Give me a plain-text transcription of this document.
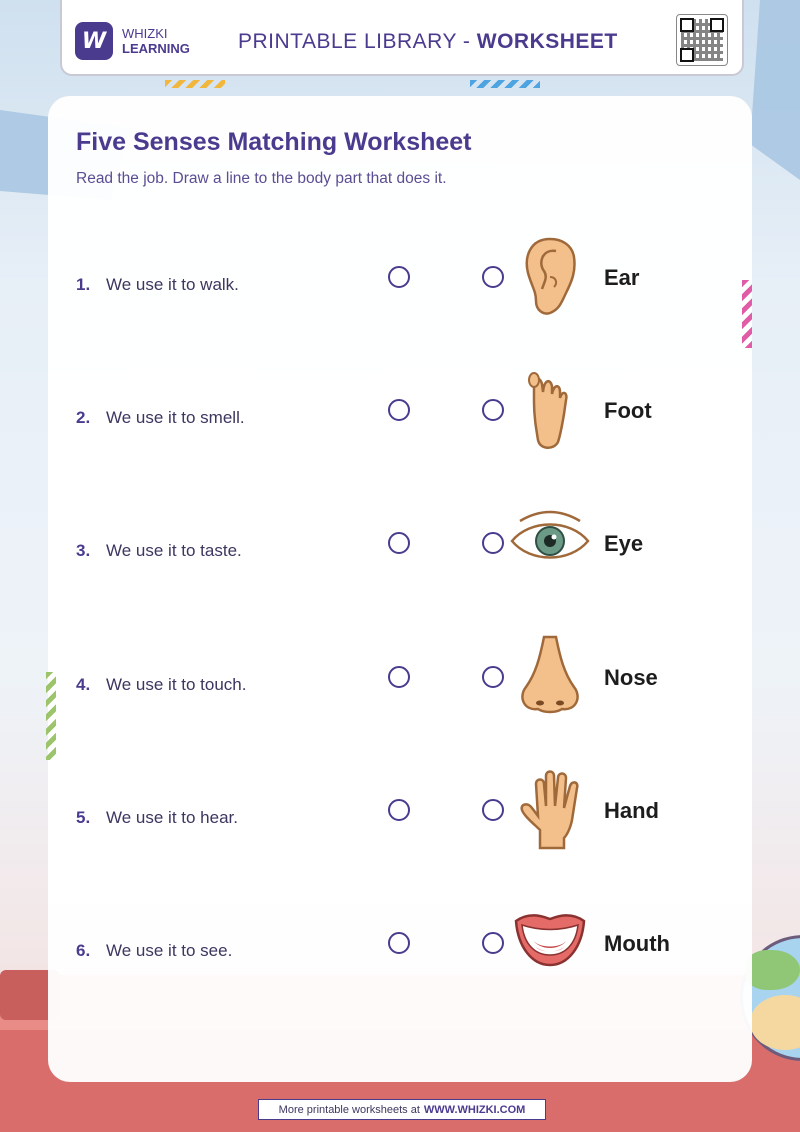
W	WHIZKI
LEARNING PRINTABLE LIBRARY - WORKSHEET
Five Senses Matching Worksheet
Read the job. Draw a line to the body part that does it.
1. We use it to walk.	Ear
2. We use it to smell.	Foot
3. We use it to taste.	Eye
4. We use it to touch.	Nose
5. We use it to hear.	Hand
6. We use it to see.	Mouth
More printable worksheets at WWW.WHIZKI.COM
